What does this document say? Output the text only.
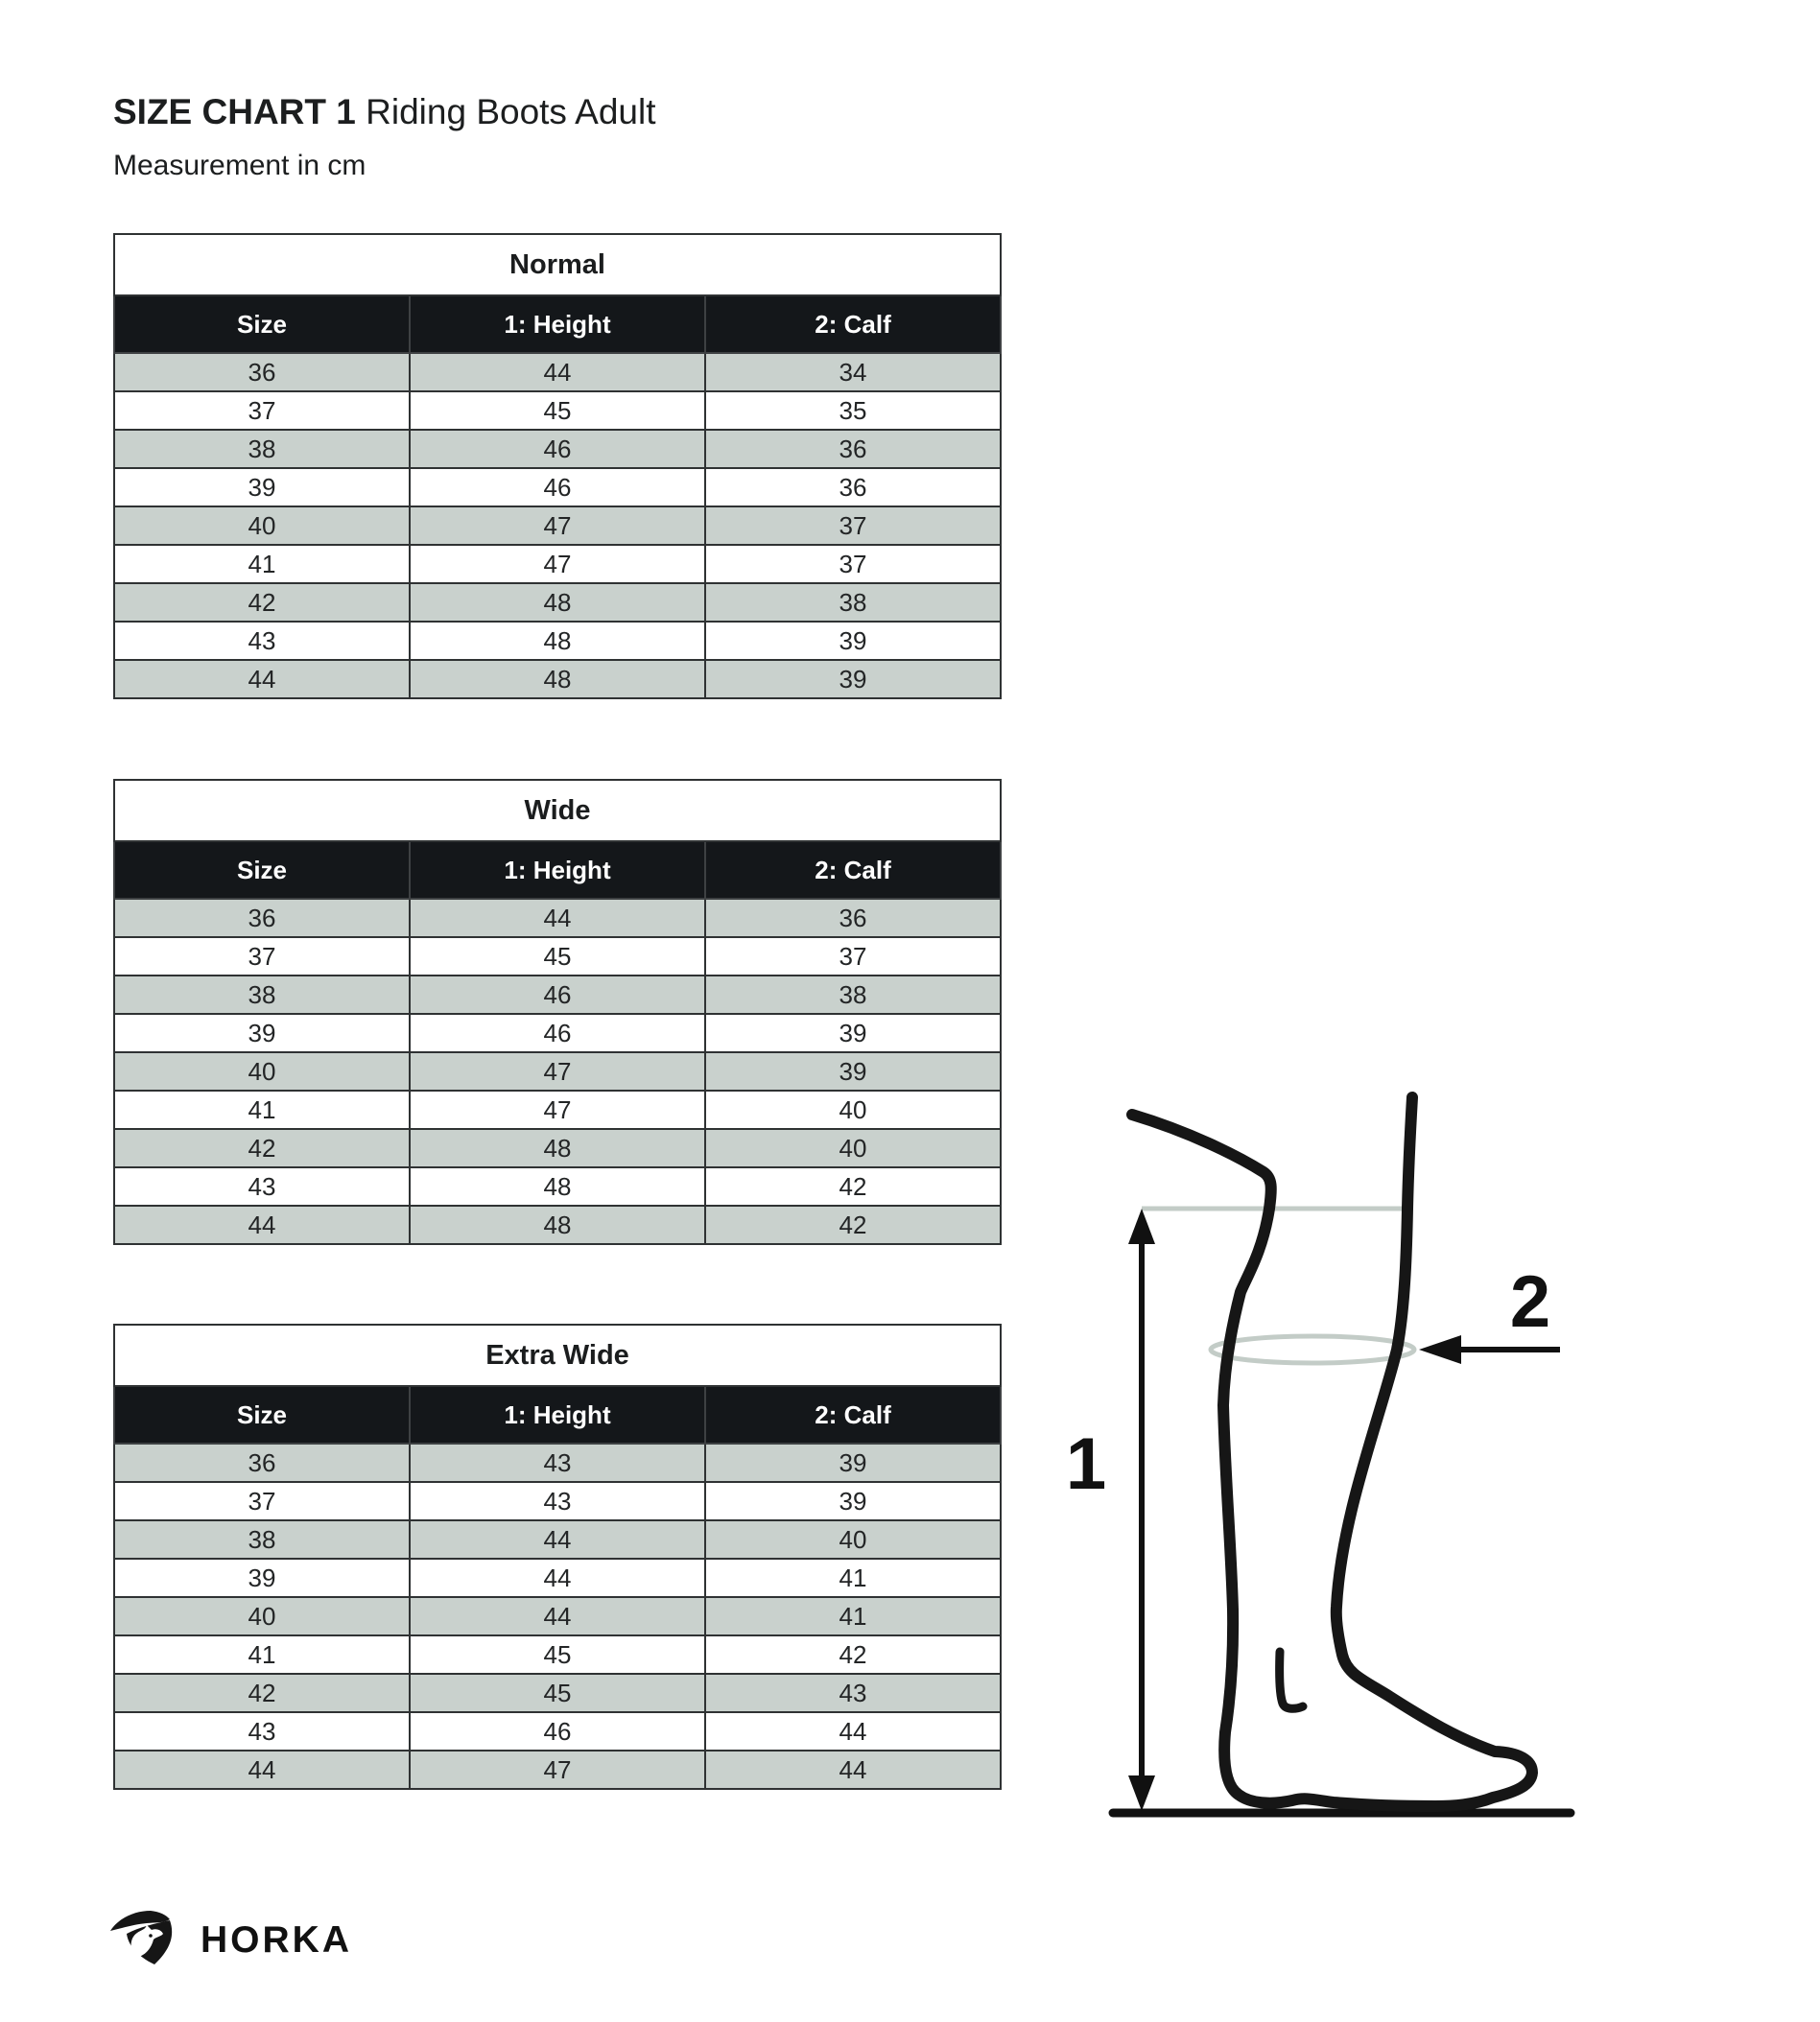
SIZE CHART 1 Riding Boots Adult
Measurement in cm
Normal		
Size	1: Height	2: Calf
36	44	34
37	45	35
38	46	36
39	46	36
40	47	37
41	47	37
42	48	38
43	48	39
44	48	39
Wide		
Size	1: Height	2: Calf
36	44	36
37	45	37
38	46	38
39	46	39
40	47	39
41	47	40
42	48	40
43	48	42
44	48	42
Extra Wide		
Size	1: Height	2: Calf
36	43	39
37	43	39
38	44	40
39	44	41
40	44	41
41	45	42
42	45	43
43	46	44
44	47	44
1
2
HORKA
